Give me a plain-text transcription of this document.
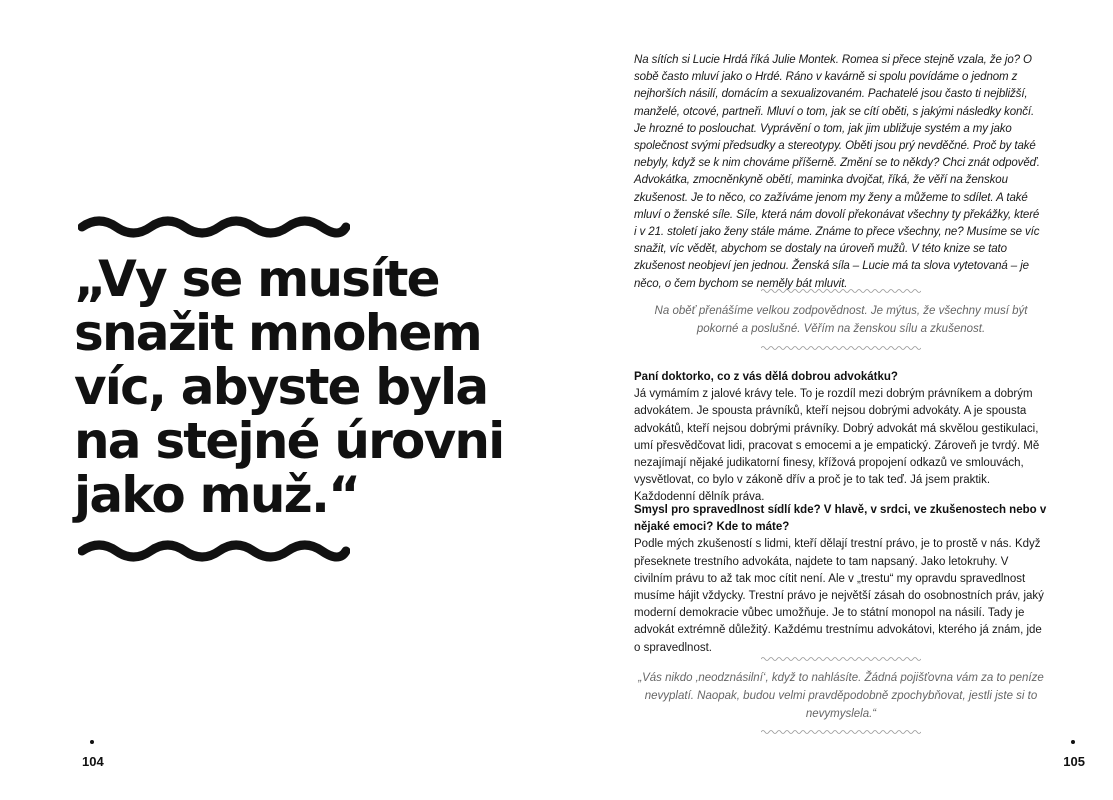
„Vy se musíte
snažit mnohem
víc, abyste byla
na stejné úrovni
jako muž.“
104

Na sítích si Lucie Hrdá říká Julie Montek. Romea si přece stejně vzala, že jo? O sobě často mluví jako o Hrdé. Ráno v kavárně si spolu povídáme o jednom z nejhorších násilí, domácím a sexualizovaném. Pachatelé jsou často ti nejbližší, manželé, otcové, partneři. Mluví o tom, jak se cítí oběti, s jakými následky končí. Je hrozné to poslouchat. Vyprávění o tom, jak jim ubližuje systém a my jako společnost svými předsudky a stereotypy. Oběti jsou prý nevděčné. Proč by také nebyly, když se k nim chováme příšerně. Změní se to někdy? Chci znát odpověď. Advokátka, zmocněnkyně obětí, maminka dvojčat, říká, že věří na ženskou zkušenost. Je to něco, co zažíváme jenom my ženy a můžeme to sdílet. A také mluví o ženské síle. Síle, která nám dovolí překonávat všechny ty překážky, které i v 21. století jako ženy stále máme. Známe to přece všechny, ne? Musíme se víc snažit, víc vědět, abychom se dostaly na úroveň mužů. V této knize se tato zkušenost neobjeví jen jednou. Ženská síla – Lucie má ta slova vytetovaná – je něco, o čem bychom se neměly bát mluvit.

Na oběť přenášíme velkou zodpovědnost. Je mýtus, že všechny musí být pokorné a poslušné. Věřím na ženskou sílu a zkušenost.

Paní doktorko, co z vás dělá dobrou advokátku?
Já vymámím z jalové krávy tele. To je rozdíl mezi dobrým právníkem a dobrým advokátem. Je spousta právníků, kteří nejsou dobrými advokáty. A je spousta advokátů, kteří nejsou dobrými právníky. Dobrý advokát má skvělou gestikulaci, umí přesvědčovat lidi, pracovat s emocemi a je empatický. Zároveň je tvrdý. Mě nezajímají nějaké judikatorní finesy, křížová propojení odkazů ve smlouvách, vysvětlovat, co bylo v zákoně dřív a proč je to tak teď. Já jsem praktik. Každodenní dělník práva.

Smysl pro spravedlnost sídlí kde? V hlavě, v srdci, ve zkušenostech nebo v nějaké emoci? Kde to máte?
Podle mých zkušeností s lidmi, kteří dělají trestní právo, je to prostě v nás. Když přeseknete trestního advokáta, najdete to tam napsaný. Jako letokruhy. V civilním právu to až tak moc cítit není. Ale v „trestu“ my opravdu spravedlnost musíme hájit vždycky. Trestní právo je největší zásah do osobnostních práv, jaký moderní demokracie vůbec umožňuje. Je to státní monopol na násilí. Tady je advokát extrémně důležitý. Každému trestnímu advokátovi, kterého já znám, jde o spravedlnost.

„Vás nikdo ‚neodznásilní‘, když to nahlásíte. Žádná pojišťovna vám za to peníze nevyplatí. Naopak, budou velmi pravděpodobně zpochybňovat, jestli jste si to nevymyslela.“

105
